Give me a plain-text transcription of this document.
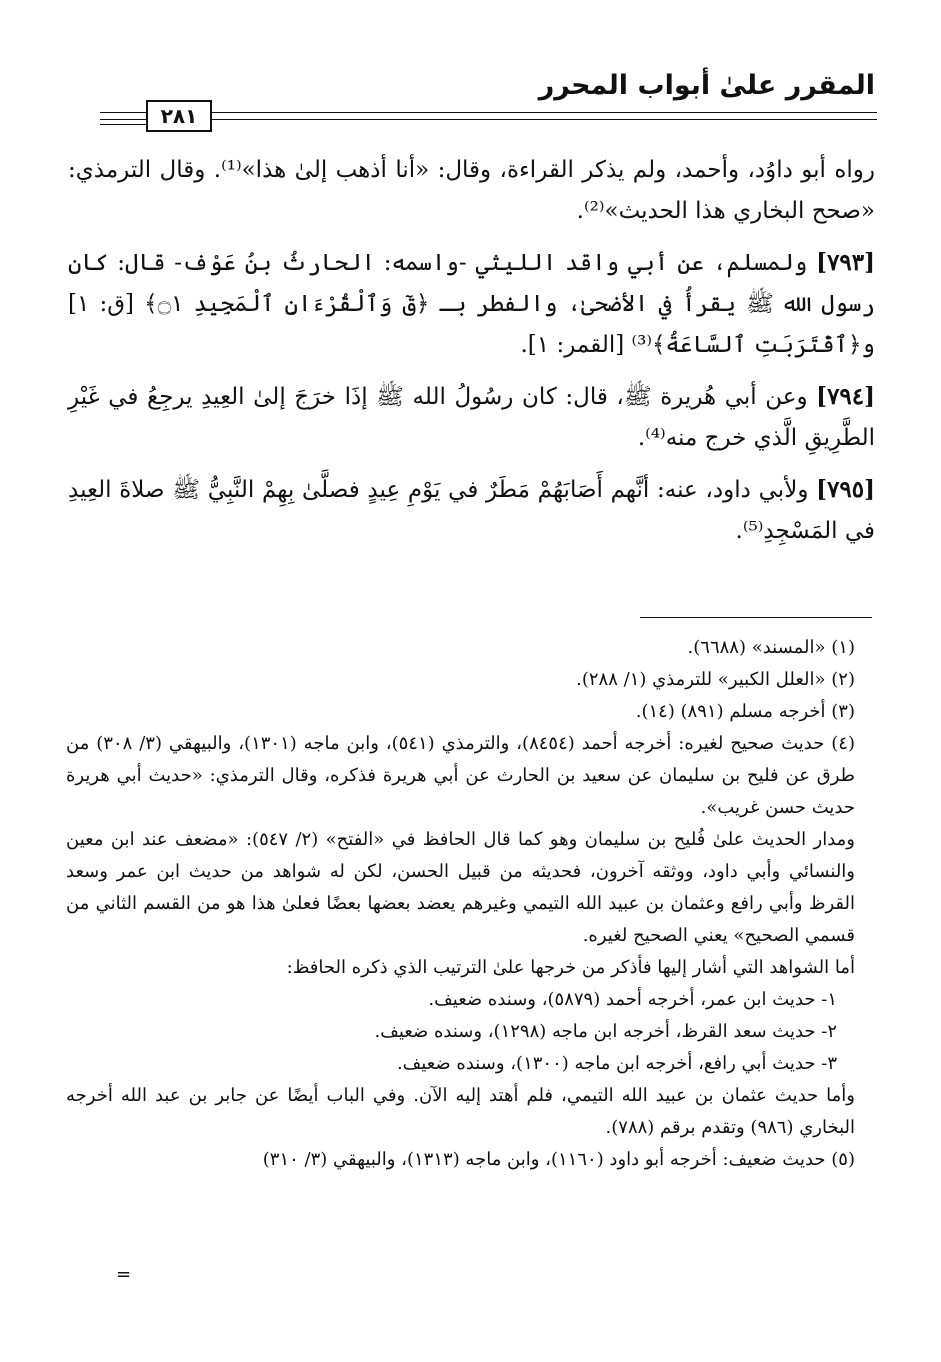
المقرر علىٰ أبواب المحرر
٢٨١

رواه أبو داوُد، وأحمد، ولم يذكر القراءة، وقال: «أنا أذهب إلىٰ هذا»⁽¹⁾. وقال الترمذي: «صحح البخاري هذا الحديث»⁽²⁾.

[٧٩٣] ولمسلم، عن أبي واقد الليثي -واسمه: الحارثُ بنُ عَوْف- قال: كان رسول الله ﷺ يقرأُ في الأضحىٰ، والفطر بـ ﴿قٓ وَٱلْقُرْءَانِ ٱلْمَجِيدِ ۝١﴾ [ق: ١] و﴿ٱقْتَرَبَتِ ٱلسَّاعَةُ﴾⁽³⁾ [القمر: ١].

[٧٩٤] وعن أبي هُريرة ﷺ، قال: كان رسُولُ الله ﷺ إذَا خرَجَ إلىٰ العِيدِ يرجِعُ في غَيْرِ الطَّرِيقِ الَّذي خرج منه⁽⁴⁾.

[٧٩٥] ولأبي داود، عنه: أنَّهم أَصَابَهُمْ مَطَرٌ في يَوْمِ عِيدٍ فصلَّىٰ بِهِمْ النَّبِيُّ ﷺ صلاةَ العِيدِ في المَسْجِدِ⁽⁵⁾.

(١) «المسند» (٦٦٨٨).

(٢) «العلل الكبير» للترمذي (١/ ٢٨٨).

(٣) أخرجه مسلم (٨٩١) (١٤).

(٤) حديث صحيح لغيره: أخرجه أحمد (٨٤٥٤)، والترمذي (٥٤١)، وابن ماجه (١٣٠١)، والبيهقي (٣/ ٣٠٨) من طرق عن فليح بن سليمان عن سعيد بن الحارث عن أبي هريرة فذكره، وقال الترمذي: «حديث أبي هريرة حديث حسن غريب».

ومدار الحديث علىٰ فُليح بن سليمان وهو كما قال الحافظ في «الفتح» (٢/ ٥٤٧): «مضعف عند ابن معين والنسائي وأبي داود، ووثقه آخرون، فحديثه من قبيل الحسن، لكن له شواهد من حديث ابن عمر وسعد القرظ وأبي رافع وعثمان بن عبيد الله التيمي وغيرهم يعضد بعضها بعضًا فعلىٰ هذا هو من القسم الثاني من قسمي الصحيح» يعني الصحيح لغيره.

أما الشواهد التي أشار إليها فأذكر من خرجها علىٰ الترتيب الذي ذكره الحافظ:

١- حديث ابن عمر، أخرجه أحمد (٥٨٧٩)، وسنده ضعيف.

٢- حديث سعد القرظ، أخرجه ابن ماجه (١٢٩٨)، وسنده ضعيف.

٣- حديث أبي رافع، أخرجه ابن ماجه (١٣٠٠)، وسنده ضعيف.

وأما حديث عثمان بن عبيد الله التيمي، فلم أهتد إليه الآن. وفي الباب أيضًا عن جابر بن عبد الله أخرجه البخاري (٩٨٦) وتقدم برقم (٧٨٨).

(٥) حديث ضعيف: أخرجه أبو داود (١١٦٠)، وابن ماجه (١٣١٣)، والبيهقي (٣/ ٣١٠)

=
